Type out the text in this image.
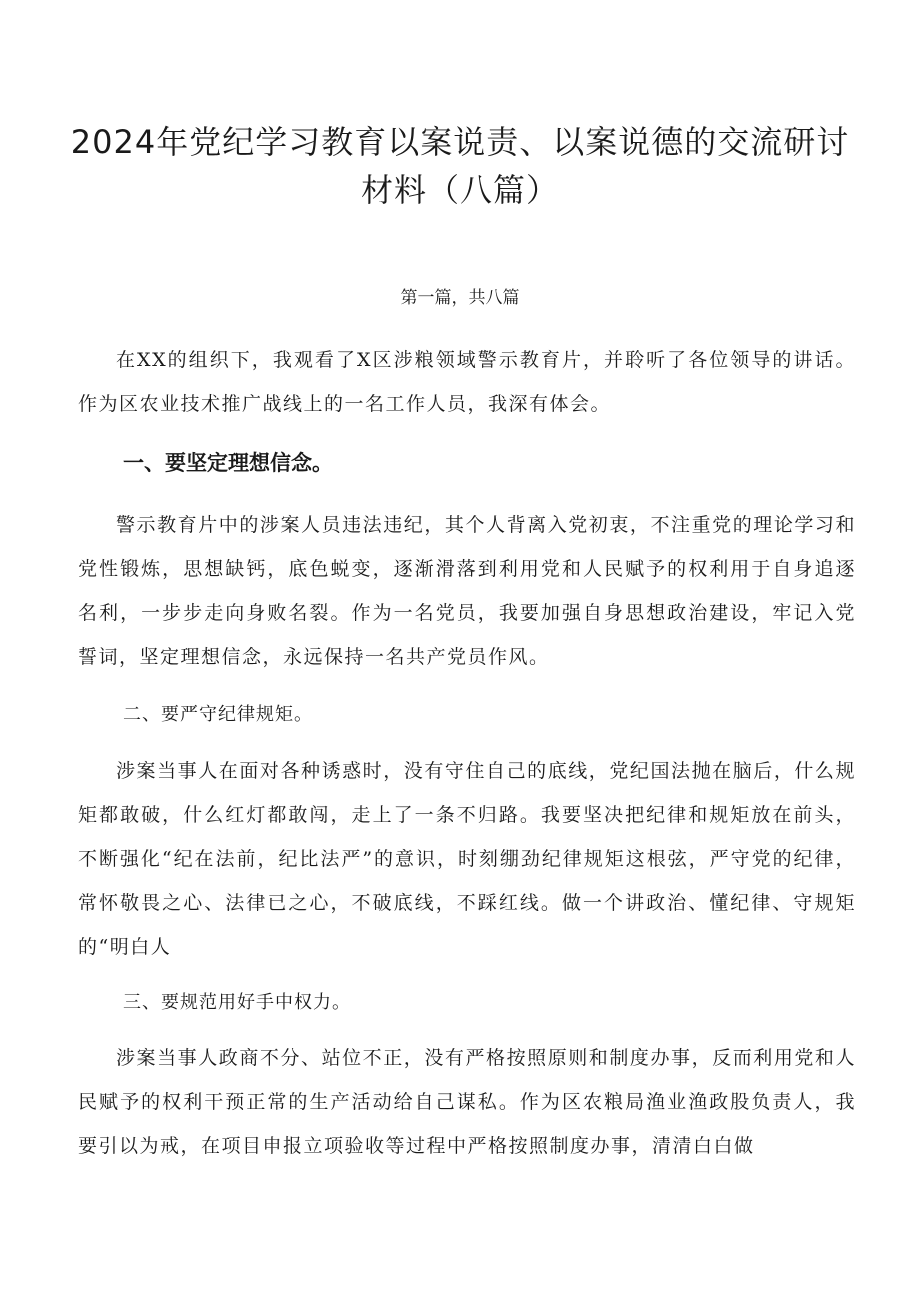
2024年党纪学习教育以案说责、以案说德的交流研讨材料（八篇）

第一篇，共八篇

在XX的组织下，我观看了X区涉粮领域警示教育片，并聆听了各位领导的讲话。作为区农业技术推广战线上的一名工作人员，我深有体会。

一、要坚定理想信念。

警示教育片中的涉案人员违法违纪，其个人背离入党初衷，不注重党的理论学习和党性锻炼，思想缺钙，底色蜕变，逐渐滑落到利用党和人民赋予的权利用于自身追逐名利，一步步走向身败名裂。作为一名党员，我要加强自身思想政治建设，牢记入党誓词，坚定理想信念，永远保持一名共产党员作风。

二、要严守纪律规矩。

涉案当事人在面对各种诱惑时，没有守住自己的底线，党纪国法抛在脑后，什么规矩都敢破，什么红灯都敢闯，走上了一条不归路。我要坚决把纪律和规矩放在前头，不断强化“纪在法前，纪比法严”的意识，时刻绷劲纪律规矩这根弦，严守党的纪律，常怀敬畏之心、法律已之心，不破底线，不踩红线。做一个讲政治、懂纪律、守规矩的“明白人

三、要规范用好手中权力。

涉案当事人政商不分、站位不正，没有严格按照原则和制度办事，反而利用党和人民赋予的权利干预正常的生产活动给自己谋私。作为区农粮局渔业渔政股负责人，我要引以为戒，在项目申报立项验收等过程中严格按照制度办事，清清白白做
